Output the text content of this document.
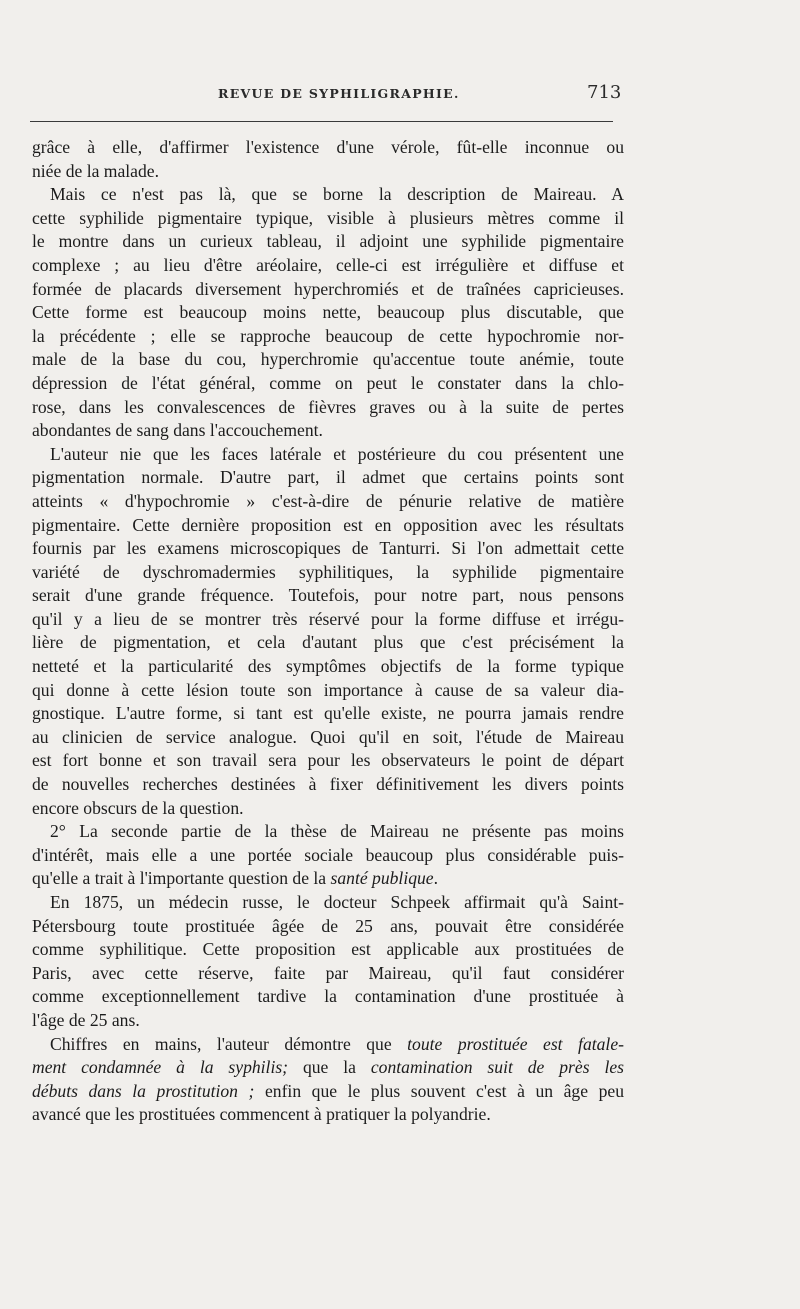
REVUE DE SYPHILIGRAPHIE.	713
grâce à elle, d'affirmer l'existence d'une vérole, fût-elle inconnue ou
niée de la malade.
Mais ce n'est pas là, que se borne la description de Maireau. A
cette syphilide pigmentaire typique, visible à plusieurs mètres comme il
le montre dans un curieux tableau, il adjoint une syphilide pigmentaire
complexe ; au lieu d'être aréolaire, celle-ci est irrégulière et diffuse et
formée de placards diversement hyperchromiés et de traînées capricieuses.
Cette forme est beaucoup moins nette, beaucoup plus discutable, que
la précédente ; elle se rapproche beaucoup de cette hypochromie nor-
male de la base du cou, hyperchromie qu'accentue toute anémie, toute
dépression de l'état général, comme on peut le constater dans la chlo-
rose, dans les convalescences de fièvres graves ou à la suite de pertes
abondantes de sang dans l'accouchement.
L'auteur nie que les faces latérale et postérieure du cou présentent une
pigmentation normale. D'autre part, il admet que certains points sont
atteints « d'hypochromie » c'est-à-dire de pénurie relative de matière
pigmentaire. Cette dernière proposition est en opposition avec les résultats
fournis par les examens microscopiques de Tanturri. Si l'on admettait cette
variété de dyschromadermies syphilitiques, la syphilide pigmentaire
serait d'une grande fréquence. Toutefois, pour notre part, nous pensons
qu'il y a lieu de se montrer très réservé pour la forme diffuse et irrégu-
lière de pigmentation, et cela d'autant plus que c'est précisément la
netteté et la particularité des symptômes objectifs de la forme typique
qui donne à cette lésion toute son importance à cause de sa valeur dia-
gnostique. L'autre forme, si tant est qu'elle existe, ne pourra jamais rendre
au clinicien de service analogue. Quoi qu'il en soit, l'étude de Maireau
est fort bonne et son travail sera pour les observateurs le point de départ
de nouvelles recherches destinées à fixer définitivement les divers points
encore obscurs de la question.
2° La seconde partie de la thèse de Maireau ne présente pas moins
d'intérêt, mais elle a une portée sociale beaucoup plus considérable puis-
qu'elle a trait à l'importante question de la santé publique.
En 1875, un médecin russe, le docteur Schpeek affirmait qu'à Saint-
Pétersbourg toute prostituée âgée de 25 ans, pouvait être considérée
comme syphilitique. Cette proposition est applicable aux prostituées de
Paris, avec cette réserve, faite par Maireau, qu'il faut considérer
comme exceptionnellement tardive la contamination d'une prostituée à
l'âge de 25 ans.
Chiffres en mains, l'auteur démontre que toute prostituée est fatale-
ment condamnée à la syphilis; que la contamination suit de près les
débuts dans la prostitution ; enfin que le plus souvent c'est à un âge peu
avancé que les prostituées commencent à pratiquer la polyandrie.
